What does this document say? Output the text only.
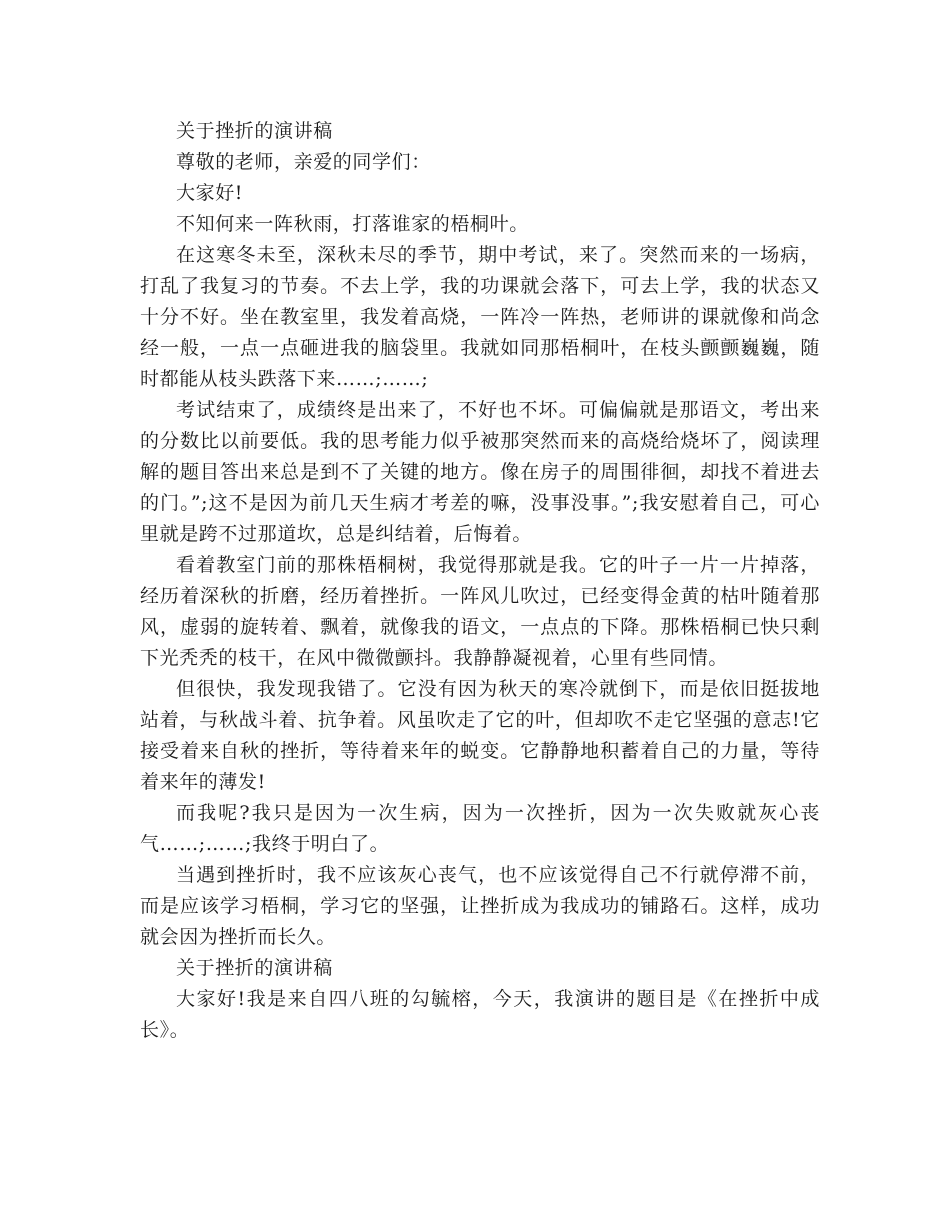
关于挫折的演讲稿

尊敬的老师，亲爱的同学们：

大家好!

不知何来一阵秋雨，打落谁家的梧桐叶。

在这寒冬未至，深秋未尽的季节，期中考试，来了。突然而来的一场病，打乱了我复习的节奏。不去上学，我的功课就会落下，可去上学，我的状态又十分不好。坐在教室里，我发着高烧，一阵冷一阵热，老师讲的课就像和尚念经一般，一点一点砸进我的脑袋里。我就如同那梧桐叶，在枝头颤颤巍巍，随时都能从枝头跌落下来……;……;

考试结束了，成绩终是出来了，不好也不坏。可偏偏就是那语文，考出来的分数比以前要低。我的思考能力似乎被那突然而来的高烧给烧坏了，阅读理解的题目答出来总是到不了关键的地方。像在房子的周围徘徊，却找不着进去的门。”;这不是因为前几天生病才考差的嘛，没事没事。”;我安慰着自己，可心里就是跨不过那道坎，总是纠结着，后悔着。

看着教室门前的那株梧桐树，我觉得那就是我。它的叶子一片一片掉落，经历着深秋的折磨，经历着挫折。一阵风儿吹过，已经变得金黄的枯叶随着那风，虚弱的旋转着、飘着，就像我的语文，一点点的下降。那株梧桐已快只剩下光秃秃的枝干，在风中微微颤抖。我静静凝视着，心里有些同情。

但很快，我发现我错了。它没有因为秋天的寒冷就倒下，而是依旧挺拔地站着，与秋战斗着、抗争着。风虽吹走了它的叶，但却吹不走它坚强的意志!它接受着来自秋的挫折，等待着来年的蜕变。它静静地积蓄着自己的力量，等待着来年的薄发!

而我呢?我只是因为一次生病，因为一次挫折，因为一次失败就灰心丧气……;……;我终于明白了。

当遇到挫折时，我不应该灰心丧气，也不应该觉得自己不行就停滞不前，而是应该学习梧桐，学习它的坚强，让挫折成为我成功的铺路石。这样，成功就会因为挫折而长久。

关于挫折的演讲稿

大家好!我是来自四八班的勾毓榕，今天，我演讲的题目是《在挫折中成长》。
